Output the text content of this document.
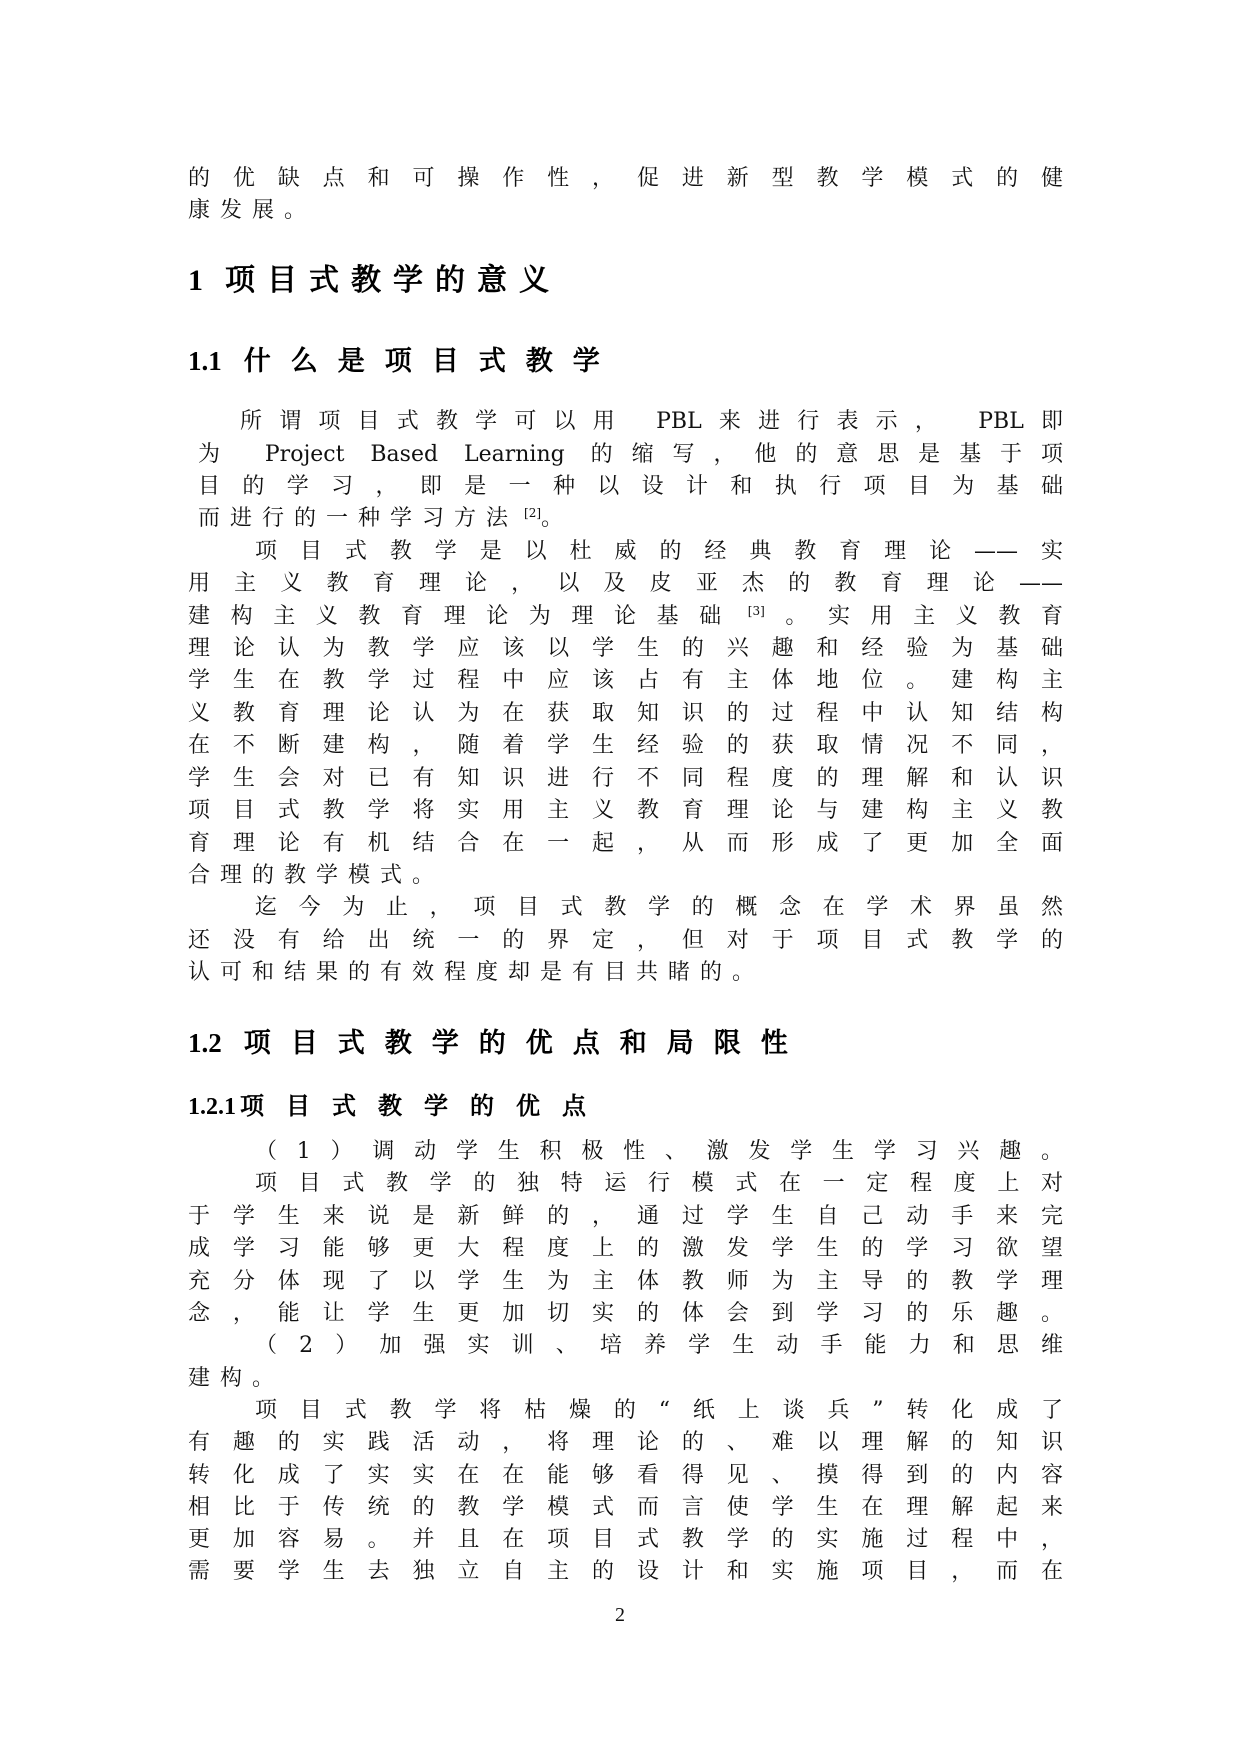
1 项目式教学的意义
1.1 什么是项目式教学
1.2 项目式教学的优点和局限性
1.2.1 项目式教学的优点
2
的优缺点和可操作性，促进新型教学模式的健
康发展。
所谓项目式教学可以用 PBL来进行表示， PBL即
为 Project Based Learning 的缩写，他的意思是基于项
目的学习，即是一种以设计和执行项目为基础
而进行的一种学习方法 [2]。
项目式教学是以杜威的经典教育理论——实
用主义教育理论，以及皮亚杰的教育理论——
建构主义教育理论为理论基础 [3]。实用主义教育
理论认为教学应该以学生的兴趣和经验为基础
学生在教学过程中应该占有主体地位。建构主
义教育理论认为在获取知识的过程中认知结构
在不断建构，随着学生经验的获取情况不同，
学生会对已有知识进行不同程度的理解和认识
项目式教学将实用主义教育理论与建构主义教
育理论有机结合在一起，从而形成了更加全面
合理的教学模式。
迄今为止，项目式教学的概念在学术界虽然
还没有给出统一的界定，但对于项目式教学的
认可和结果的有效程度却是有目共睹的。
（1）调动学生积极性、激发学生学习兴趣。
项目式教学的独特运行模式在一定程度上对
于学生来说是新鲜的，通过学生自己动手来完
成学习能够更大程度上的激发学生的学习欲望
充分体现了以学生为主体教师为主导的教学理
念，能让学生更加切实的体会到学习的乐趣。
（2）加强实训、培养学生动手能力和思维
建构。
项目式教学将枯燥的“纸上谈兵”转化成了
有趣的实践活动，将理论的、难以理解的知识
转化成了实实在在能够看得见、摸得到的内容
相比于传统的教学模式而言使学生在理解起来
更加容易。并且在项目式教学的实施过程中，
需要学生去独立自主的设计和实施项目，而在
